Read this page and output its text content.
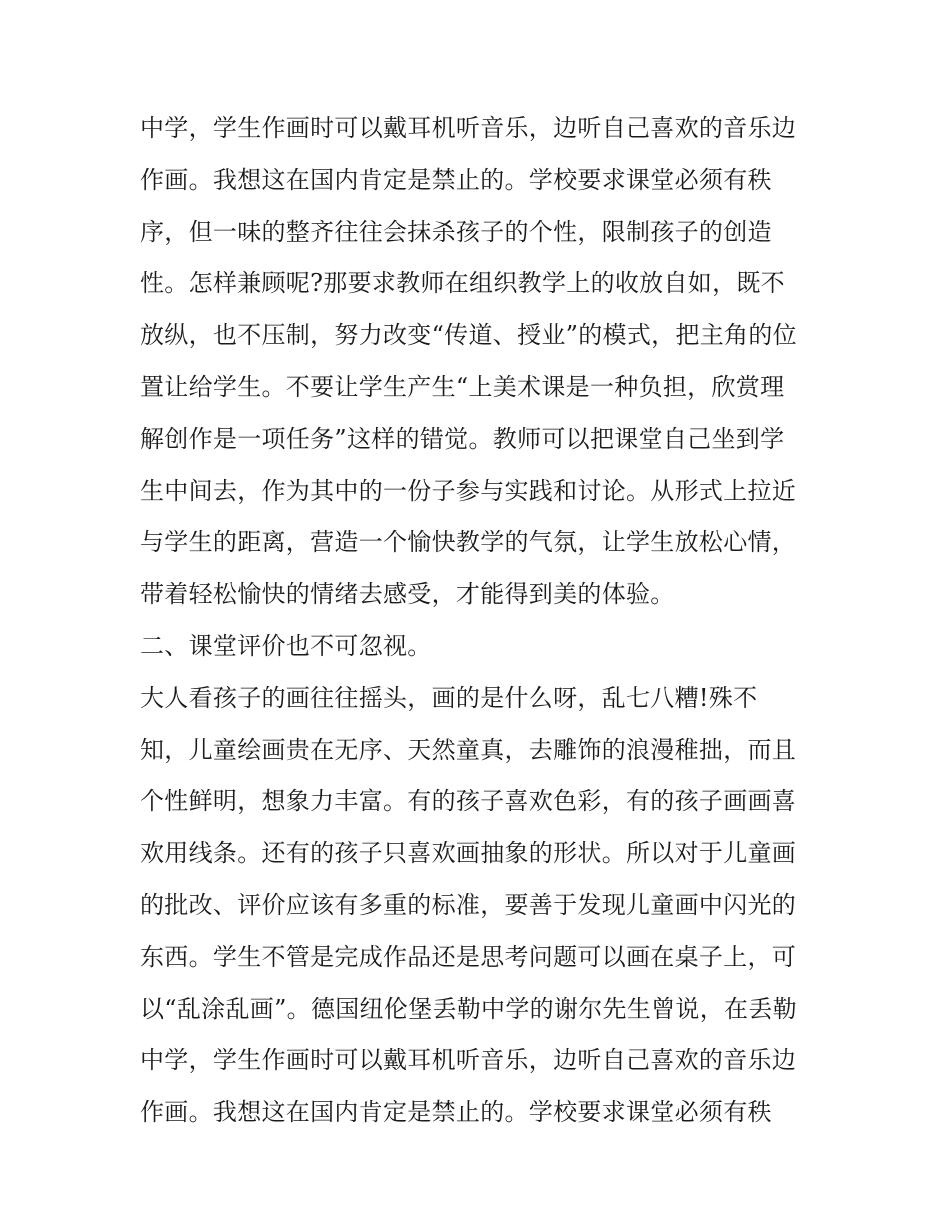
中学，学生作画时可以戴耳机听音乐，边听自己喜欢的音乐边
作画。我想这在国内肯定是禁止的。学校要求课堂必须有秩
序，但一味的整齐往往会抹杀孩子的个性，限制孩子的创造
性。怎样兼顾呢?那要求教师在组织教学上的收放自如，既不
放纵，也不压制，努力改变“传道、授业”的模式，把主角的位
置让给学生。不要让学生产生“上美术课是一种负担，欣赏理
解创作是一项任务”这样的错觉。教师可以把课堂自己坐到学
生中间去，作为其中的一份子参与实践和讨论。从形式上拉近
与学生的距离，营造一个愉快教学的气氛，让学生放松心情，
带着轻松愉快的情绪去感受，才能得到美的体验。
二、课堂评价也不可忽视。
大人看孩子的画往往摇头，画的是什么呀，乱七八糟!殊不
知，儿童绘画贵在无序、天然童真，去雕饰的浪漫稚拙，而且
个性鲜明，想象力丰富。有的孩子喜欢色彩，有的孩子画画喜
欢用线条。还有的孩子只喜欢画抽象的形状。所以对于儿童画
的批改、评价应该有多重的标准，要善于发现儿童画中闪光的
东西。学生不管是完成作品还是思考问题可以画在桌子上，可
以“乱涂乱画”。德国纽伦堡丢勒中学的谢尔先生曾说，在丢勒
中学，学生作画时可以戴耳机听音乐，边听自己喜欢的音乐边
作画。我想这在国内肯定是禁止的。学校要求课堂必须有秩
